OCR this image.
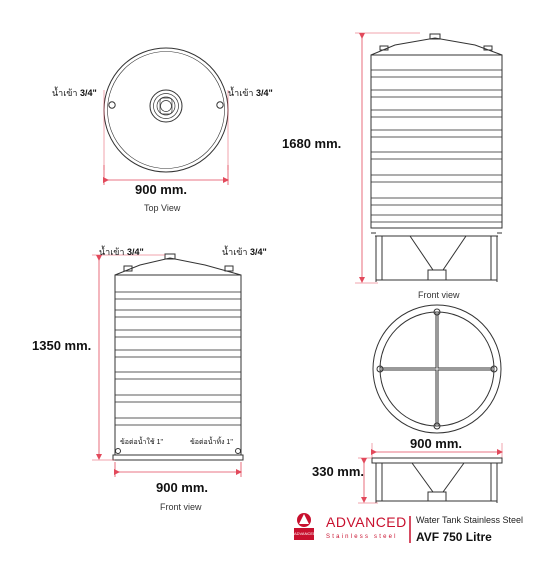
น้ำเข้า 3/4"	น้ำเข้า 3/4"
900 mm.
Top View
น้ำเข้า 3/4"	น้ำเข้า 3/4"
1350 mm.
ข้อต่อน้ำใช้ 1"	ข้อต่อน้ำทิ้ง 1"
900 mm.
Front view
1680 mm.
Front view
900 mm.
330 mm.
ADVANCED
Stainless steel
ADVANCED
Water Tank Stainless Steel
AVF 750 Litre
